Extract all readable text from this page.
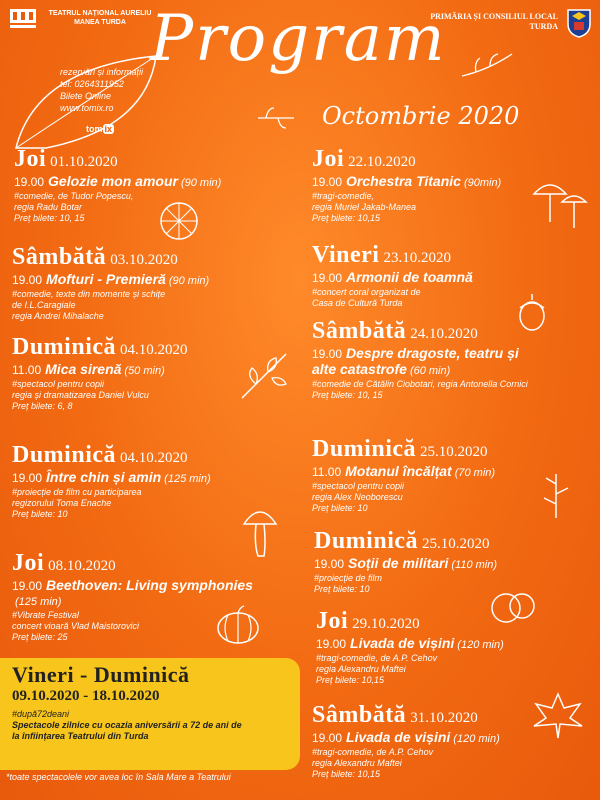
TEATRUL NAȚIONAL AURELIU MANEA TURDA
PRIMĂRIA ȘI CONSILIUL LOCAL TURDA
Program
Octombrie 2020
rezervări și informații
tel: 0264311952
Bilete Online
www.tomix.ro
tom ix
Joi 01.10.2020
19.00 Gelozie mon amour (90 min)
#comedie, de Tudor Popescu,
regia Radu Botar
Preț bilete: 10, 15
Sâmbătă 03.10.2020
19.00 Mofturi - Premieră (90 min)
#comedie, texte din momente și schițe
de I.L.Caragiale
regia Andrei Mihalache
Duminică 04.10.2020
11.00 Mica sirenă (50 min)
#spectacol pentru copii
regia și dramatizarea Daniel Vulcu
Preț bilete: 6, 8
Duminică 04.10.2020
19.00 Între chin și amin (125 min)
#proiecție de film cu participarea
regizorului Toma Enache
Preț bilete: 10
Joi 08.10.2020
19.00 Beethoven: Living symphonies
(125 min)
#Vibrate Festival
concert vioară Vlad Maistorovici
Preț bilete: 25
Vineri - Duminică
09.10.2020 - 18.10.2020
#după72deani
Spectacole zilnice cu ocazia aniversării a 72 de ani de
la înființarea Teatrului din Turda
*toate spectacolele vor avea loc în Sala Mare a Teatrului
Joi 22.10.2020
19.00 Orchestra Titanic (90min)
#tragi-comedie,
regia Muriel Jakab-Manea
Preț bilete: 10,15
Vineri 23.10.2020
19.00 Armonii de toamnă
#concert coral organizat de
Casa de Cultură Turda
Sâmbătă 24.10.2020
19.00 Despre dragoste, teatru și alte catastrofe (60 min)
#comedie de Cătălin Ciobotari, regia Antonella Cornici
Preț bilete: 10, 15
Duminică 25.10.2020
11.00 Motanul încălțat (70 min)
#spectacol pentru copii
regia Alex Neoborescu
Preț bilete: 10
Duminică 25.10.2020
19.00 Soții de militari (110 min)
#proiecție de film
Preț bilete: 10
Joi 29.10.2020
19.00 Livada de vișini (120 min)
#tragi-comedie, de A.P. Cehov
regia Alexandru Maftei
Preț bilete: 10,15
Sâmbătă 31.10.2020
19.00 Livada de vișini (120 min)
#tragi-comedie, de A.P. Cehov
regia Alexandru Maftei
Preț bilete: 10,15
